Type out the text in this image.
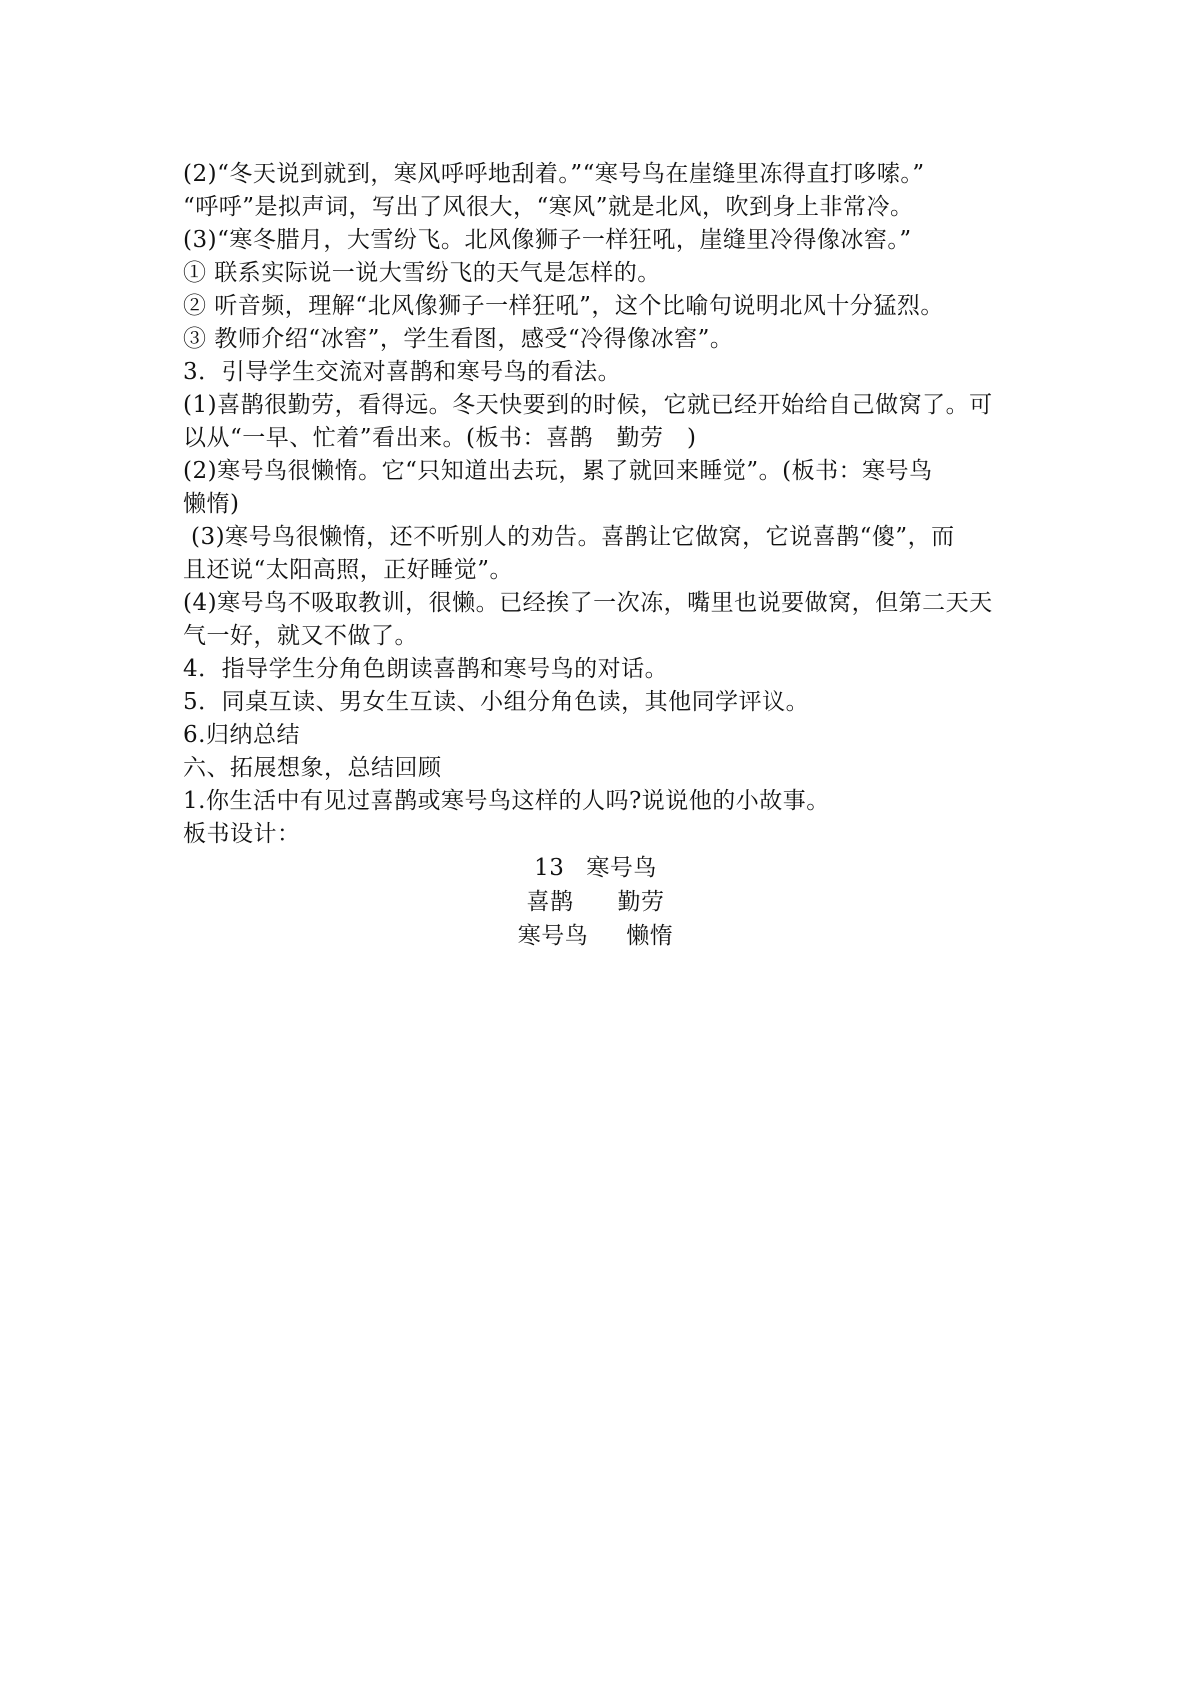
(2)“冬天说到就到，寒风呼呼地刮着。”“寒号鸟在崖缝里冻得直打哆嗦。”
“呼呼”是拟声词，写出了风很大，“寒风”就是北风，吹到身上非常冷。
(3)“寒冬腊月，大雪纷飞。北风像狮子一样狂吼，崖缝里冷得像冰窖。”
① 联系实际说一说大雪纷飞的天气是怎样的。
② 听音频，理解“北风像狮子一样狂吼”，这个比喻句说明北风十分猛烈。
③ 教师介绍“冰窖”，学生看图，感受“冷得像冰窖”。
3．引导学生交流对喜鹊和寒号鸟的看法。
(1)喜鹊很勤劳，看得远。冬天快要到的时候，它就已经开始给自己做窝了。可
以从“一早、忙着”看出来。(板书：喜鹊　勤劳　)
(2)寒号鸟很懒惰。它“只知道出去玩，累了就回来睡觉”。(板书：寒号鸟
懒惰)
(3)寒号鸟很懒惰，还不听别人的劝告。喜鹊让它做窝，它说喜鹊“傻”，而
且还说“太阳高照，正好睡觉”。
(4)寒号鸟不吸取教训，很懒。已经挨了一次冻，嘴里也说要做窝，但第二天天
气一好，就又不做了。
4．指导学生分角色朗读喜鹊和寒号鸟的对话。
5．同桌互读、男女生互读、小组分角色读，其他同学评议。
6.归纳总结
六、拓展想象，总结回顾
1.你生活中有见过喜鹊或寒号鸟这样的人吗?说说他的小故事。
板书设计：
13 寒号鸟
喜鹊 勤劳
寒号鸟 懒惰
